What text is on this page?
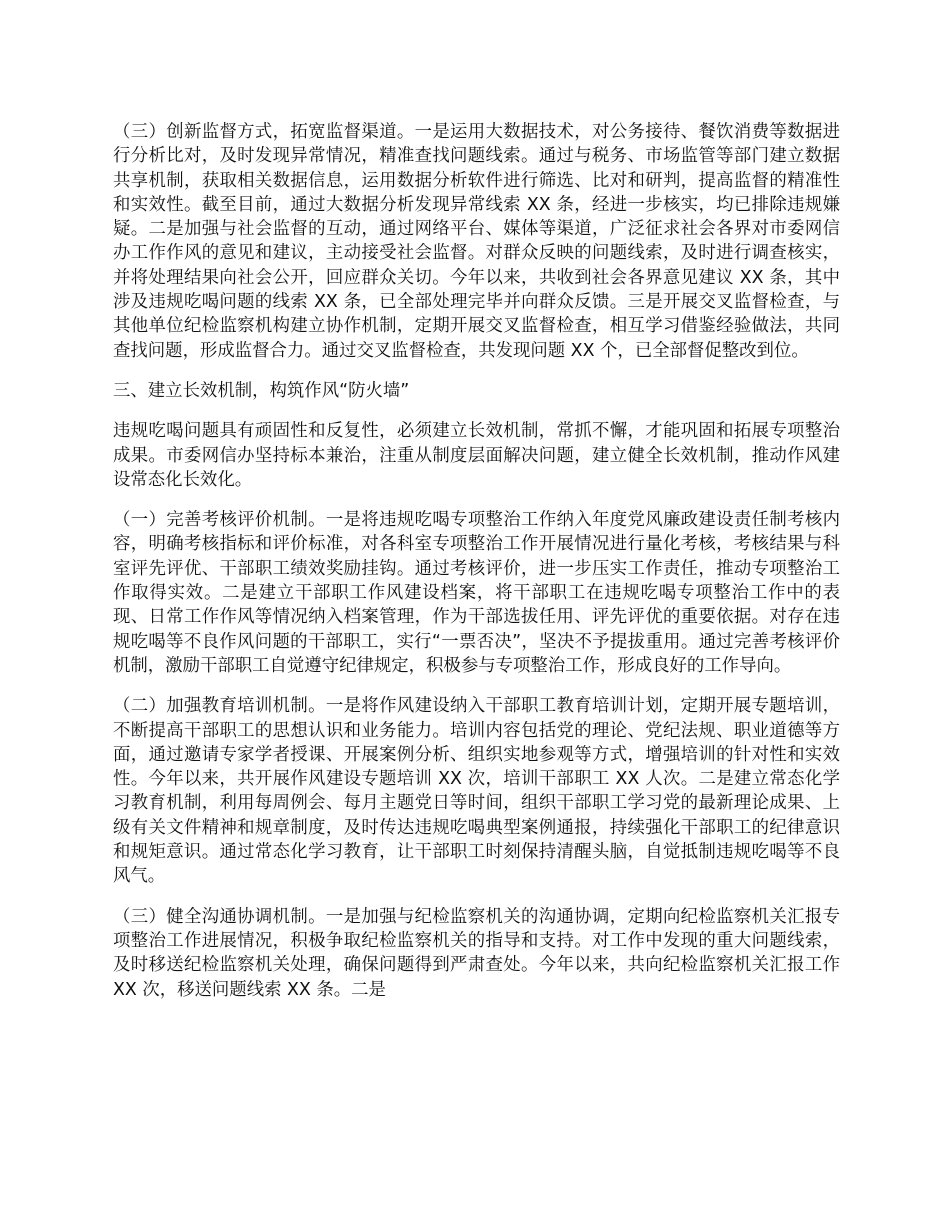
（三）创新监督方式，拓宽监督渠道。一是运用大数据技术，对公务接待、餐饮消费等数据进行分析比对，及时发现异常情况，精准查找问题线索。通过与税务、市场监管等部门建立数据共享机制，获取相关数据信息，运用数据分析软件进行筛选、比对和研判，提高监督的精准性和实效性。截至目前，通过大数据分析发现异常线索 XX 条，经进一步核实，均已排除违规嫌疑。二是加强与社会监督的互动，通过网络平台、媒体等渠道，广泛征求社会各界对市委网信办工作作风的意见和建议，主动接受社会监督。对群众反映的问题线索，及时进行调查核实，并将处理结果向社会公开，回应群众关切。今年以来，共收到社会各界意见建议 XX 条，其中涉及违规吃喝问题的线索 XX 条，已全部处理完毕并向群众反馈。三是开展交叉监督检查，与其他单位纪检监察机构建立协作机制，定期开展交叉监督检查，相互学习借鉴经验做法，共同查找问题，形成监督合力。通过交叉监督检查，共发现问题 XX 个，已全部督促整改到位。

三、建立长效机制，构筑作风“防火墙”

违规吃喝问题具有顽固性和反复性，必须建立长效机制，常抓不懈，才能巩固和拓展专项整治成果。市委网信办坚持标本兼治，注重从制度层面解决问题，建立健全长效机制，推动作风建设常态化长效化。

（一）完善考核评价机制。一是将违规吃喝专项整治工作纳入年度党风廉政建设责任制考核内容，明确考核指标和评价标准，对各科室专项整治工作开展情况进行量化考核，考核结果与科室评先评优、干部职工绩效奖励挂钩。通过考核评价，进一步压实工作责任，推动专项整治工作取得实效。二是建立干部职工作风建设档案，将干部职工在违规吃喝专项整治工作中的表现、日常工作作风等情况纳入档案管理，作为干部选拔任用、评先评优的重要依据。对存在违规吃喝等不良作风问题的干部职工，实行“一票否决”，坚决不予提拔重用。通过完善考核评价机制，激励干部职工自觉遵守纪律规定，积极参与专项整治工作，形成良好的工作导向。

（二）加强教育培训机制。一是将作风建设纳入干部职工教育培训计划，定期开展专题培训，不断提高干部职工的思想认识和业务能力。培训内容包括党的理论、党纪法规、职业道德等方面，通过邀请专家学者授课、开展案例分析、组织实地参观等方式，增强培训的针对性和实效性。今年以来，共开展作风建设专题培训 XX 次，培训干部职工 XX 人次。二是建立常态化学习教育机制，利用每周例会、每月主题党日等时间，组织干部职工学习党的最新理论成果、上级有关文件精神和规章制度，及时传达违规吃喝典型案例通报，持续强化干部职工的纪律意识和规矩意识。通过常态化学习教育，让干部职工时刻保持清醒头脑，自觉抵制违规吃喝等不良风气。

（三）健全沟通协调机制。一是加强与纪检监察机关的沟通协调，定期向纪检监察机关汇报专项整治工作进展情况，积极争取纪检监察机关的指导和支持。对工作中发现的重大问题线索，及时移送纪检监察机关处理，确保问题得到严肃查处。今年以来，共向纪检监察机关汇报工作 XX 次，移送问题线索 XX 条。二是
